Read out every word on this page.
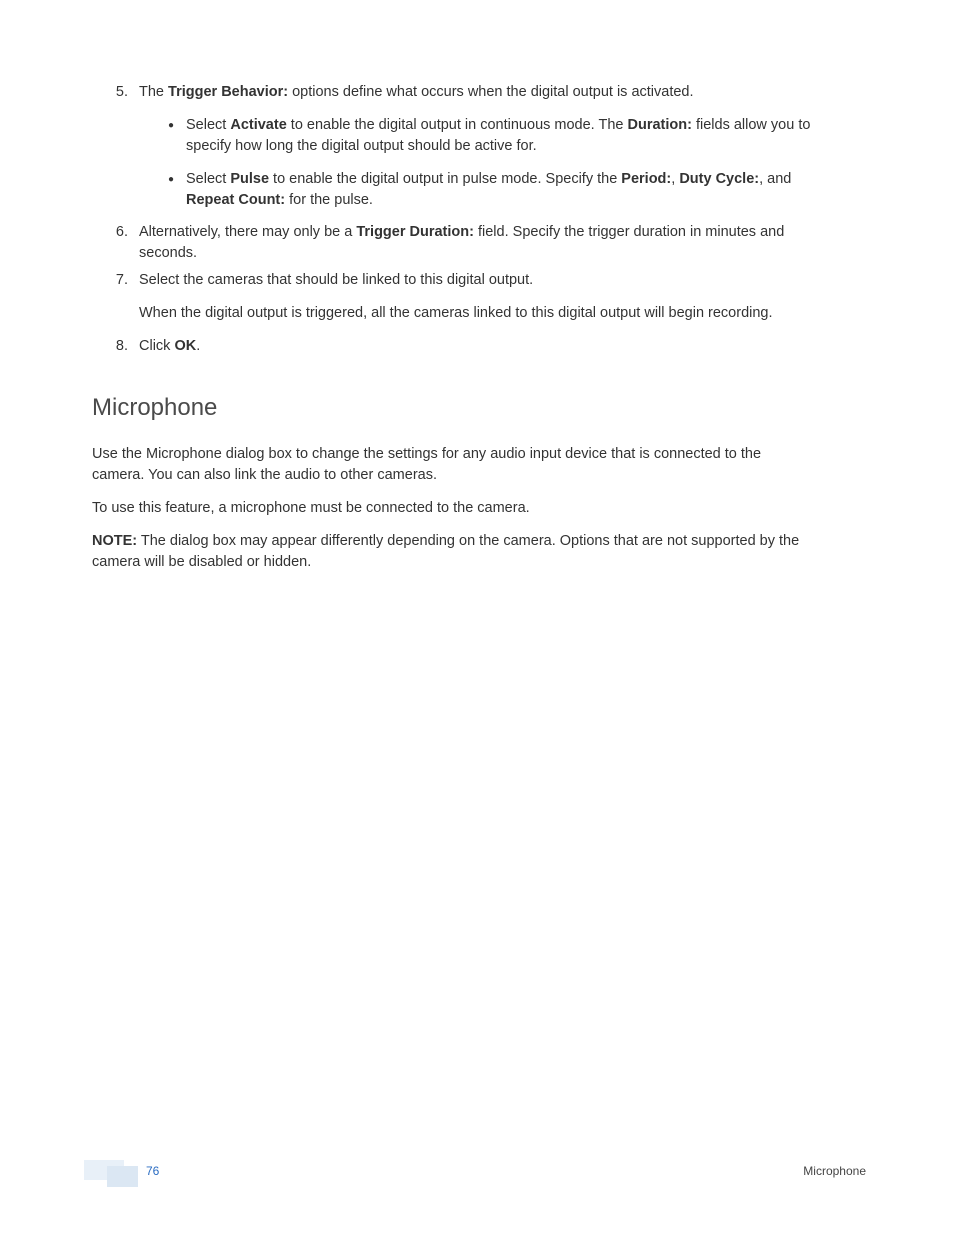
5. The Trigger Behavior: options define what occurs when the digital output is activated.

● Select Activate to enable the digital output in continuous mode. The Duration: fields allow you to

specify how long the digital output should be active for.

● Select Pulse to enable the digital output in pulse mode. Specify the Period:, Duty Cycle:, and

Repeat Count: for the pulse.

6. Alternatively, there may only be a Trigger Duration: field. Specify the trigger duration in minutes and

seconds.

7. Select the cameras that should be linked to this digital output.

When the digital output is triggered, all the cameras linked to this digital output will begin recording.

8. Click OK.

Microphone

Use the Microphone dialog box to change the settings for any audio input device that is connected to the

camera. You can also link the audio to other cameras.

To use this feature, a microphone must be connected to the camera.

NOTE: The dialog box may appear differently depending on the camera. Options that are not supported by the

camera will be disabled or hidden.

76	Microphone
